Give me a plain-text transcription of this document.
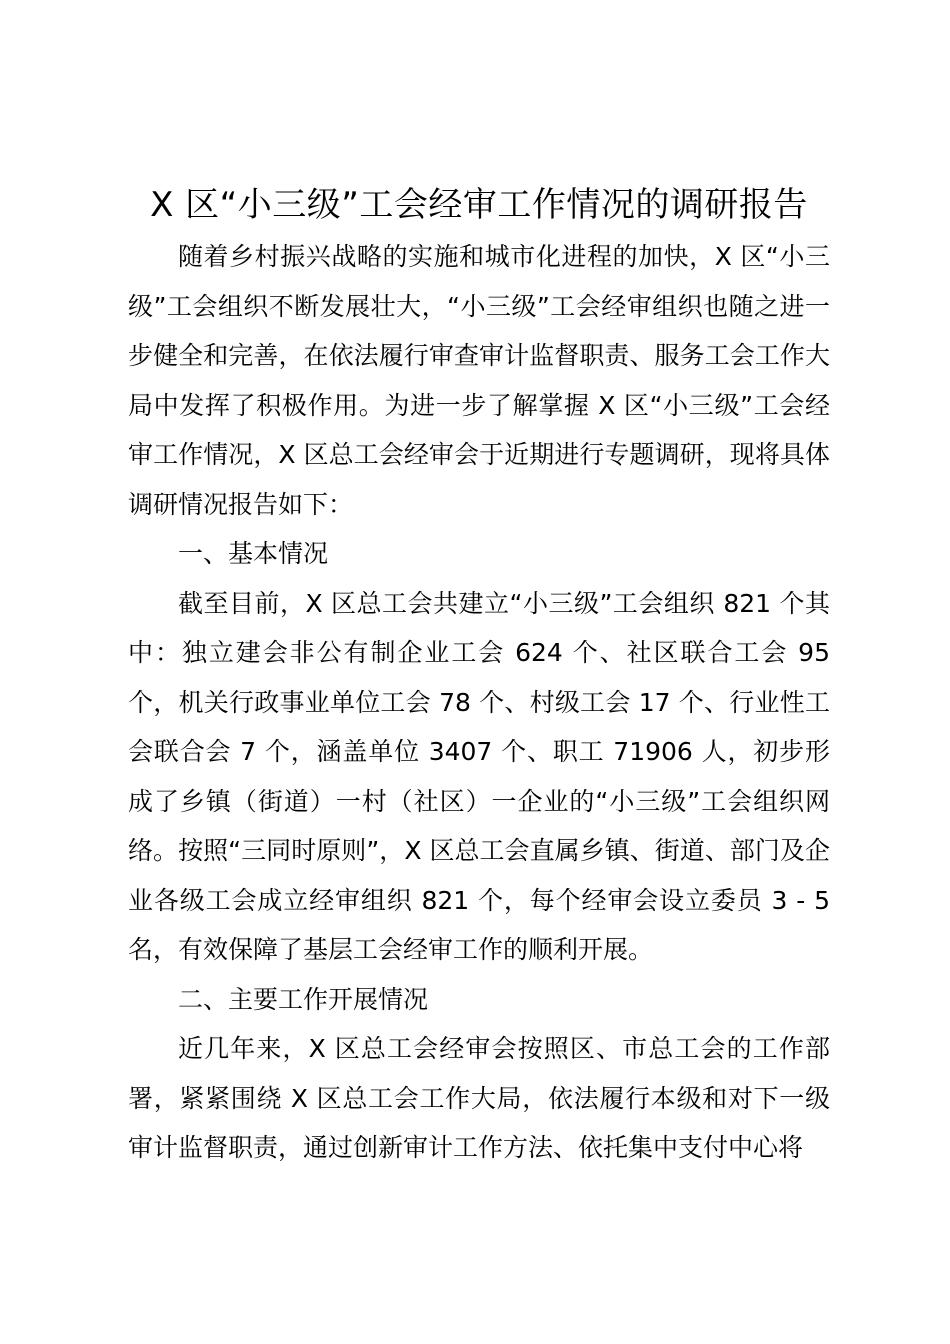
X 区“小三级”工会经审工作情况的调研报告

随着乡村振兴战略的实施和城市化进程的加快，X 区“小三级”工会组织不断发展壮大，“小三级”工会经审组织也随之进一步健全和完善，在依法履行审查审计监督职责、服务工会工作大局中发挥了积极作用。为进一步了解掌握 X 区“小三级”工会经审工作情况，X 区总工会经审会于近期进行专题调研，现将具体调研情况报告如下：

一、基本情况

截至目前，X 区总工会共建立“小三级”工会组织 821 个其中：独立建会非公有制企业工会 624 个、社区联合工会 95 个，机关行政事业单位工会 78 个、村级工会 17 个、行业性工会联合会 7 个，涵盖单位 3407 个、职工 71906 人，初步形成了乡镇（街道）一村（社区）一企业的“小三级”工会组织网络。按照“三同时原则”，X 区总工会直属乡镇、街道、部门及企业各级工会成立经审组织 821 个，每个经审会设立委员 3 - 5 名，有效保障了基层工会经审工作的顺利开展。

二、主要工作开展情况

近几年来，X 区总工会经审会按照区、市总工会的工作部署，紧紧围绕 X 区总工会工作大局，依法履行本级和对下一级审计监督职责，通过创新审计工作方法、依托集中支付中心将
